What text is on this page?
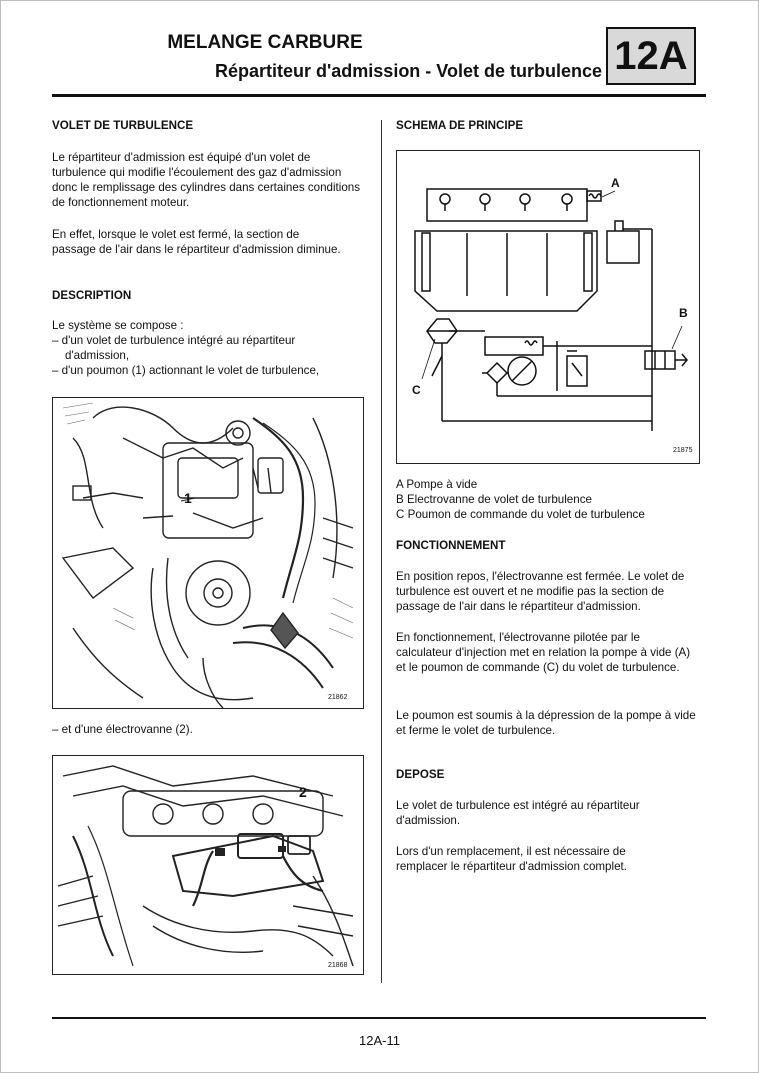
MELANGE CARBURE
Répartiteur d'admission - Volet de turbulence 12A
VOLET DE TURBULENCE
Le répartiteur d'admission est équipé d'un volet de turbulence qui modifie l'écoulement des gaz d'admission donc le remplissage des cylindres dans certaines conditions de fonctionnement moteur.
En effet, lorsque le volet est fermé, la section de passage de l'air dans le répartiteur d'admission diminue.
DESCRIPTION
Le système se compose :
– d'un volet de turbulence intégré au répartiteur d'admission,
– d'un poumon (1) actionnant le volet de turbulence,
21862
1
– et d'une électrovanne (2).
21868
2
SCHEMA DE PRINCIPE
A
B
C
21875
A Pompe à vide
B Electrovanne de volet de turbulence
C Poumon de commande du volet de turbulence
FONCTIONNEMENT
En position repos, l'électrovanne est fermée. Le volet de turbulence est ouvert et ne modifie pas la section de passage de l'air dans le répartiteur d'admission.
En fonctionnement, l'électrovanne pilotée par le calculateur d'injection met en relation la pompe à vide (A) et le poumon de commande (C) du volet de turbulence.
Le poumon est soumis à la dépression de la pompe à vide et ferme le volet de turbulence.
DEPOSE
Le volet de turbulence est intégré au répartiteur d'admission.
Lors d'un remplacement, il est nécessaire de remplacer le répartiteur d'admission complet.
12A-11
